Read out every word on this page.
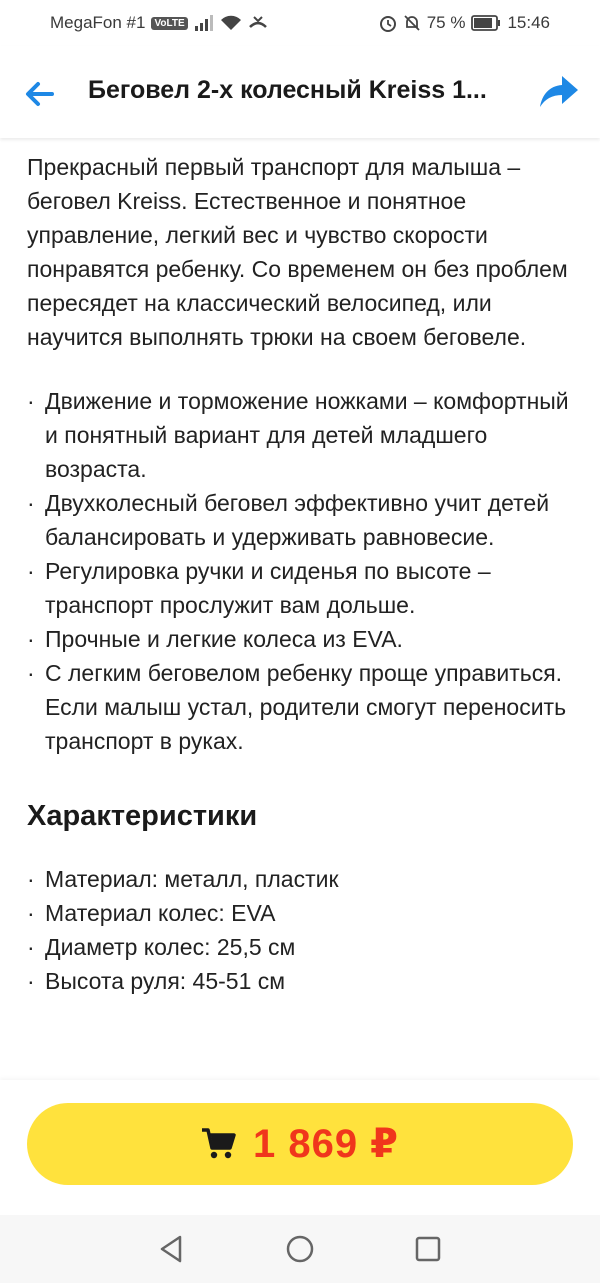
MegaFon #1 VoLTE	75 % 15:46
Беговел 2-х колесный Kreiss 1...

Прекрасный первый транспорт для малыша – беговел Kreiss. Естественное и понятное управление, легкий вес и чувство скорости понравятся ребенку. Со временем он без проблем пересядет на классический велосипед, или научится выполнять трюки на своем беговеле.

· Движение и торможение ножками – комфортный и понятный вариант для детей младшего возраста.
· Двухколесный беговел эффективно учит детей балансировать и удерживать равновесие.
· Регулировка ручки и сиденья по высоте – транспорт прослужит вам дольше.
· Прочные и легкие колеса из EVA.
· С легким беговелом ребенку проще управиться. Если малыш устал, родители смогут переносить транспорт в руках.
Характеристики
· Материал: металл, пластик
· Материал колес: EVA
· Диаметр колес: 25,5 см
· Высота руля: 45-51 см
1 869 ₽
